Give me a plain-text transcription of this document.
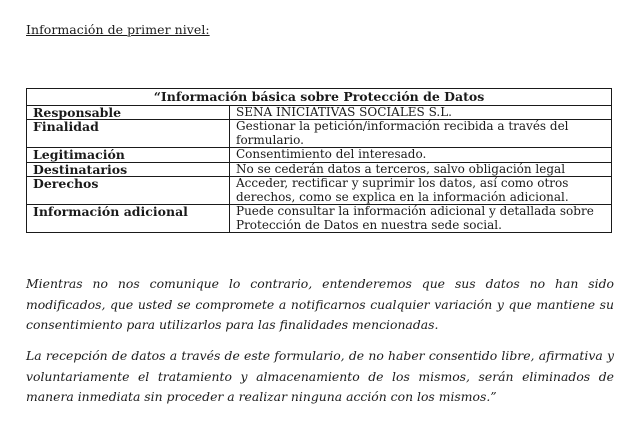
Información de primer nivel:
“Información básica sobre Protección de Datos	
Responsable	SENA INICIATIVAS SOCIALES S.L.
Finalidad	Gestionar la petición/información recibida a través del formulario.
Legitimación	Consentimiento del interesado.
Destinatarios	No se cederán datos a terceros, salvo obligación legal
Derechos	Acceder, rectificar y suprimir los datos, así como otros derechos, como se explica en la información adicional.
Información adicional	Puede consultar la información adicional y detallada sobre Protección de Datos en nuestra sede social.

Mientras no nos comunique lo contrario, entenderemos que sus datos no han sido modificados, que usted se compromete a notificarnos cualquier variación y que mantiene su consentimiento para utilizarlos para las finalidades mencionadas.

La recepción de datos a través de este formulario, de no haber consentido libre, afirmativa y voluntariamente el tratamiento y almacenamiento de los mismos, serán eliminados de manera inmediata sin proceder a realizar ninguna acción con los mismos.”
